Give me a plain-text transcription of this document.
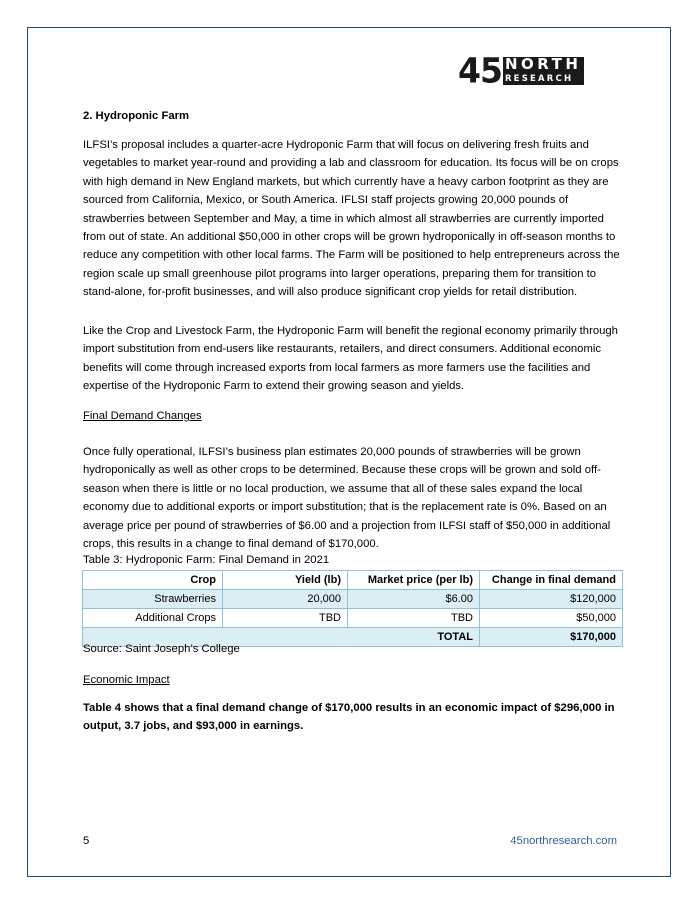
45 NORTH
RESEARCH
2. Hydroponic Farm

ILFSI’s proposal includes a quarter-acre Hydroponic Farm that will focus on delivering fresh fruits and vegetables to market year-round and providing a lab and classroom for education. Its focus will be on crops with high demand in New England markets, but which currently have a heavy carbon footprint as they are sourced from California, Mexico, or South America. IFLSI staff projects growing 20,000 pounds of strawberries between September and May, a time in which almost all strawberries are currently imported from out of state. An additional $50,000 in other crops will be grown hydroponically in off-season months to reduce any competition with other local farms. The Farm will be positioned to help entrepreneurs across the region scale up small greenhouse pilot programs into larger operations, preparing them for transition to stand-alone, for-profit businesses, and will also produce significant crop yields for retail distribution.

Like the Crop and Livestock Farm, the Hydroponic Farm will benefit the regional economy primarily through import substitution from end-users like restaurants, retailers, and direct consumers. Additional economic benefits will come through increased exports from local farmers as more farmers use the facilities and expertise of the Hydroponic Farm to extend their growing season and yields.

Final Demand Changes

Once fully operational, ILFSI’s business plan estimates 20,000 pounds of strawberries will be grown hydroponically as well as other crops to be determined. Because these crops will be grown and sold off-season when there is little or no local production, we assume that all of these sales expand the local economy due to additional exports or import substitution; that is the replacement rate is 0%. Based on an average price per pound of strawberries of $6.00 and a projection from ILFSI staff of $50,000 in additional crops, this results in a change to final demand of $170,000.

Table 3: Hydroponic Farm: Final Demand in 2021
Crop	Yield (lb)	Market price (per lb)	Change in final demand
Strawberries	20,000	$6.00	$120,000
Additional Crops	TBD	TBD	$50,000
TOTAL			$170,000
Source: Saint Joseph’s College
Economic Impact

Table 4 shows that a final demand change of $170,000 results in an economic impact of $296,000 in output, 3.7 jobs, and $93,000 in earnings.

5	45northresearch.com
